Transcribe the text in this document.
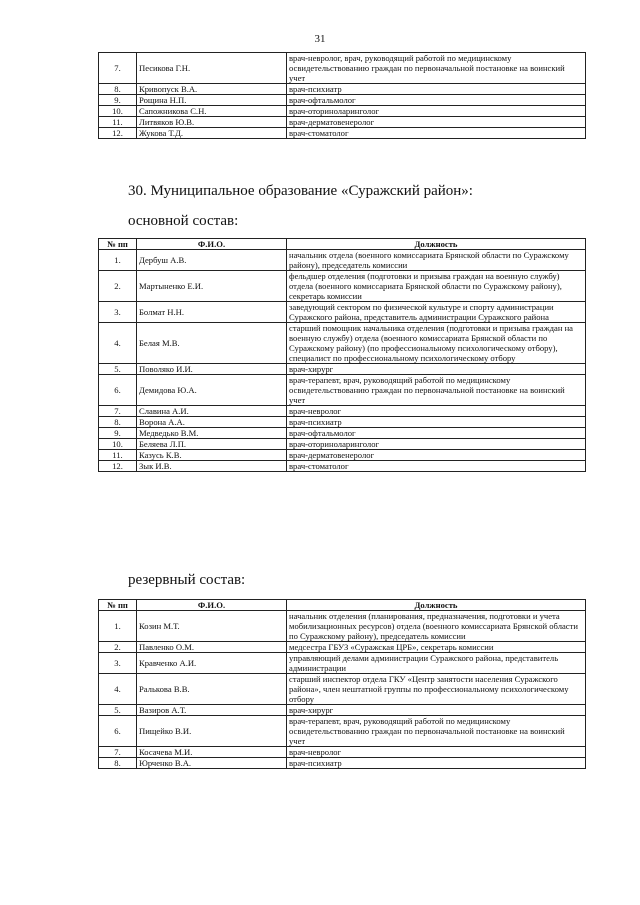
31
7.	Песикова Г.Н.	врач-невролог, врач, руководящий работой по медицинскому освидетельствованию граждан по первоначальной постановке на воинский учет
8.	Кривопуск В.А.	врач-психиатр
9.	Рощина Н.П.	врач-офтальмолог
10.	Сапожникова С.Н.	врач-оториноларинголог
11.	Литвяков Ю.В.	врач-дерматовенеролог
12.	Жукова Т.Д.	врач-стоматолог
30. Муниципальное образование «Суражский район»:
основной состав:
№ пп	Ф.И.О.	Должность
1.	Дербуш А.В.	начальник отдела (военного комиссариата Брянской области по Суражскому району), председатель комиссии
2.	Мартыненко Е.И.	фельдшер отделения (подготовки и призыва граждан на военную службу) отдела (военного комиссариата Брянской области по Суражскому району), секретарь комиссии
3.	Болмат Н.Н.	заведующий сектором по физической культуре и спорту администрации Суражского района, представитель администрации Суражского района
4.	Белая М.В.	старший помощник начальника отделения (подготовки и призыва граждан на военную службу) отдела (военного комиссариата Брянской области по Суражскому району) (по профессиональному психологическому отбору), специалист по профессиональному психологическому отбору
5.	Поволяко И.И.	врач-хирург
6.	Демидова Ю.А.	врач-терапевт, врач, руководящий работой по медицинскому освидетельствованию граждан по первоначальной постановке на воинский учет
7.	Славина А.И.	врач-невролог
8.	Ворона А.А.	врач-психиатр
9.	Медведько В.М.	врач-офтальмолог
10.	Беляева Л.П.	врач-оториноларинголог
11.	Казусь К.В.	врач-дерматовенеролог
12.	Зык И.В.	врач-стоматолог
резервный состав:
№ пп	Ф.И.О.	Должность
1.	Козин М.Т.	начальник отделения (планирования, предназначения, подготовки и учета мобилизационных ресурсов) отдела (военного комиссариата Брянской области по Суражскому району), председатель комиссии
2.	Павленко О.М.	медсестра ГБУЗ «Суражская ЦРБ», секретарь комиссии
3.	Кравченко А.И.	управляющий делами администрации Суражского района, представитель администрации
4.	Ралькова В.В.	старший инспектор отдела ГКУ «Центр занятости населения Суражского района», член нештатной группы по профессиональному психологическому отбору
5.	Вазиров А.Т.	врач-хирург
6.	Пищейко В.И.	врач-терапевт, врач, руководящий работой по медицинскому освидетельствованию граждан по первоначальной постановке на воинский учет
7.	Косачева М.И.	врач-невролог
8.	Юрченко В.А.	врач-психиатр
